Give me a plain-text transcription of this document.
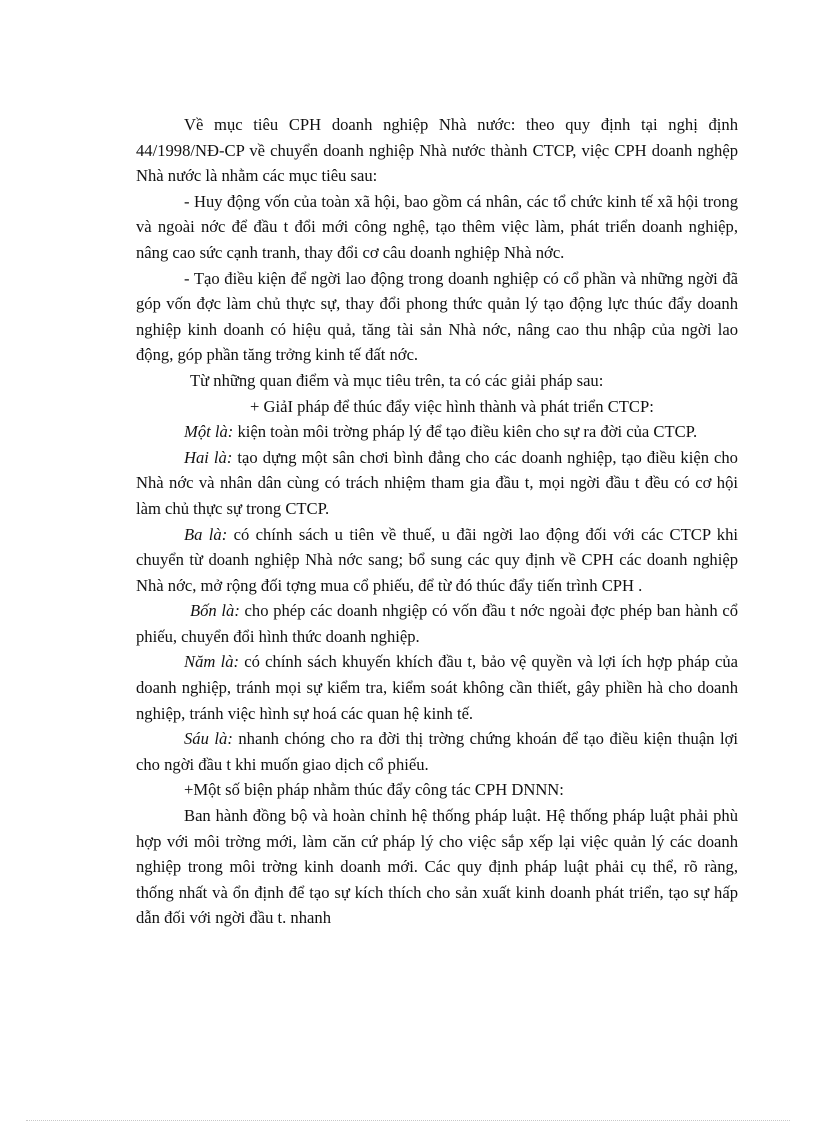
Về mục tiêu CPH doanh nghiệp Nhà nước: theo quy định tại nghị định 44/1998/NĐ-CP về chuyển doanh nghiệp Nhà nước thành CTCP, việc CPH doanh nghệp Nhà nước là nhằm các mục tiêu sau:

- Huy động vốn của toàn xã hội, bao gồm cá nhân, các tổ chức kinh tế xã hội trong và ngoài nớc để đầu t đổi mới công nghệ, tạo thêm việc làm, phát triển doanh nghiệp, nâng cao sức cạnh tranh, thay đổi cơ câu doanh nghiệp Nhà nớc.

- Tạo điều kiện để ngời lao động trong doanh nghiệp có cổ phần và những ngời đã góp vốn đợc làm chủ thực sự, thay đổi phong thức quản lý tạo động lực thúc đẩy doanh nghiệp kinh doanh có hiệu quả, tăng tài sản Nhà nớc, nâng cao thu nhập của ngời lao động, góp phần tăng trởng kinh tế đất nớc.

Từ những quan điểm và mục tiêu trên, ta có các giải pháp sau:

+ GiảI pháp để thúc đẩy việc hình thành và phát triển CTCP:

Một là: kiện toàn môi trờng pháp lý để tạo điều kiên cho sự ra đời của CTCP.

Hai là: tạo dựng một sân chơi bình đẳng cho các doanh nghiệp, tạo điều kiện cho Nhà nớc và nhân dân cùng có trách nhiệm tham gia đầu t, mọi ngời đầu t đều có cơ hội làm chủ thực sự trong CTCP.

Ba là: có chính sách u tiên về thuế, u đãi ngời lao động đối với các CTCP khi chuyển từ doanh nghiệp Nhà nớc sang; bổ sung các quy định về CPH các doanh nghiệp Nhà nớc, mở rộng đối tợng mua cổ phiếu, để từ đó thúc đẩy tiến trình CPH .

Bốn là: cho phép các doanh nhgiệp có vốn đầu t nớc ngoài đợc phép ban hành cổ phiếu, chuyển đổi hình thức doanh nghiệp.

Năm là: có chính sách khuyến khích đầu t, bảo vệ quyền và lợi ích hợp pháp của doanh nghiệp, tránh mọi sự kiểm tra, kiểm soát không cần thiết, gây phiền hà cho doanh nghiệp, tránh việc hình sự hoá các quan hệ kinh tế.

Sáu là: nhanh chóng cho ra đời thị trờng chứng khoán để tạo điều kiện thuận lợi cho ngời đầu t khi muốn giao dịch cổ phiếu.

+Một số biện pháp nhằm thúc đẩy công tác CPH DNNN:

Ban hành đồng bộ và hoàn chỉnh hệ thống pháp luật. Hệ thống pháp luật phải phù hợp với môi trờng mới, làm căn cứ pháp lý cho việc sắp xếp lại việc quản lý các doanh nghiệp trong môi trờng kinh doanh mới. Các quy định pháp luật phải cụ thể, rõ ràng, thống nhất và ổn định để tạo sự kích thích cho sản xuất kinh doanh phát triển, tạo sự hấp dẫn đối với ngời đầu t. nhanh
